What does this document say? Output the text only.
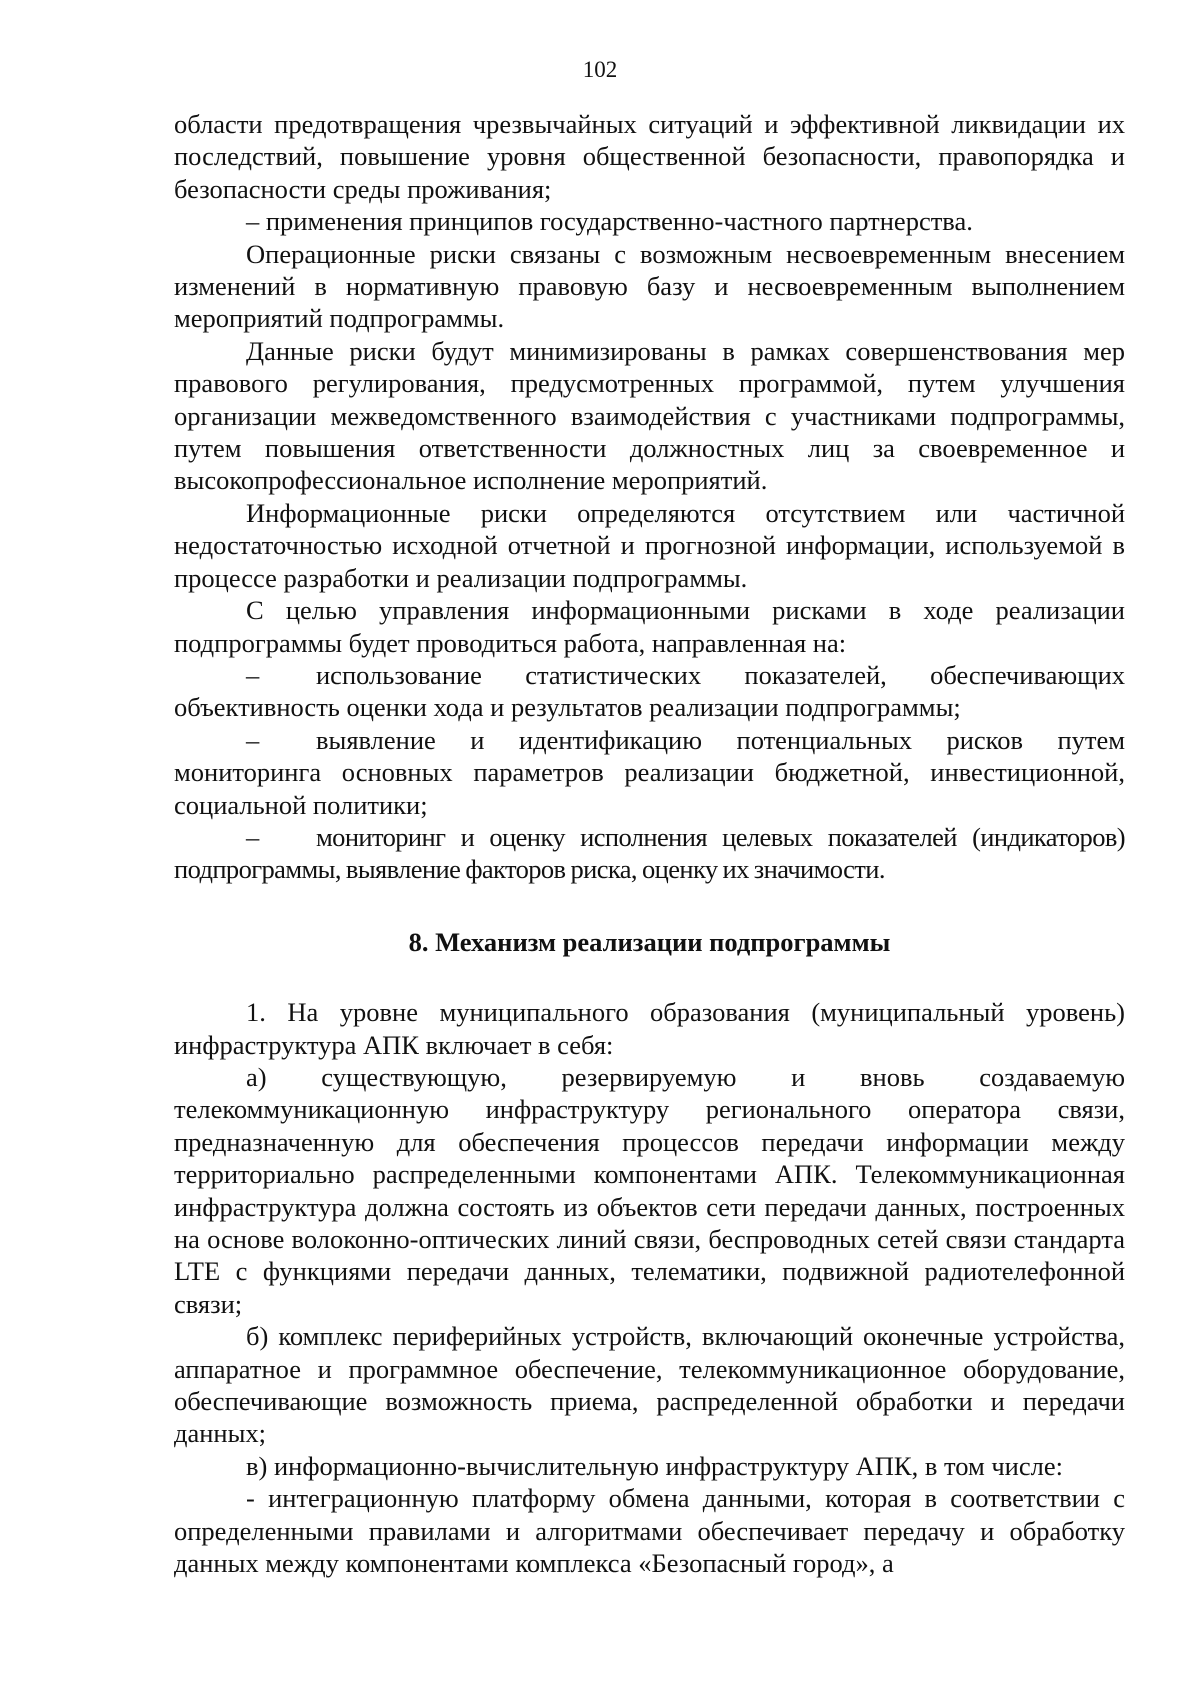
102

области предотвращения чрезвычайных ситуаций и эффективной ликвидации их последствий, повышение уровня общественной безопасности, правопорядка и безопасности среды проживания;

– применения принципов государственно-частного партнерства.

Операционные риски связаны с возможным несвоевременным внесением изменений в нормативную правовую базу и несвоевременным выполнением мероприятий подпрограммы.

Данные риски будут минимизированы в рамках совершенствования мер правового регулирования, предусмотренных программой, путем улучшения организации межведомственного взаимодействия с участниками подпрограммы, путем повышения ответственности должностных лиц за своевременное и высокопрофессиональное исполнение мероприятий.

Информационные риски определяются отсутствием или частичной недостаточностью исходной отчетной и прогнозной информации, используемой в процессе разработки и реализации подпрограммы.

С целью управления информационными рисками в ходе реализации подпрограммы будет проводиться работа, направленная на:

– использование статистических показателей, обеспечивающих объективность оценки хода и результатов реализации подпрограммы;

– выявление и идентификацию потенциальных рисков путем мониторинга основных параметров реализации бюджетной, инвестиционной, социальной политики;

– мониторинг и оценку исполнения целевых показателей (индикаторов) подпрограммы, выявление факторов риска, оценку их значимости.

8. Механизм реализации подпрограммы

1. На уровне муниципального образования (муниципальный уровень) инфраструктура АПК включает в себя:

а) существующую, резервируемую и вновь создаваемую телекоммуникационную инфраструктуру регионального оператора связи, предназначенную для обеспечения процессов передачи информации между территориально распределенными компонентами АПК. Телекоммуникационная инфраструктура должна состоять из объектов сети передачи данных, построенных на основе волоконно-оптических линий связи, беспроводных сетей связи стандарта LTE с функциями передачи данных, телематики, подвижной радиотелефонной связи;

б) комплекс периферийных устройств, включающий оконечные устройства, аппаратное и программное обеспечение, телекоммуникационное оборудование, обеспечивающие возможность приема, распределенной обработки и передачи данных;

в) информационно-вычислительную инфраструктуру АПК, в том числе:

- интеграционную платформу обмена данными, которая в соответствии с определенными правилами и алгоритмами обеспечивает передачу и обработку данных между компонентами комплекса «Безопасный город», а
